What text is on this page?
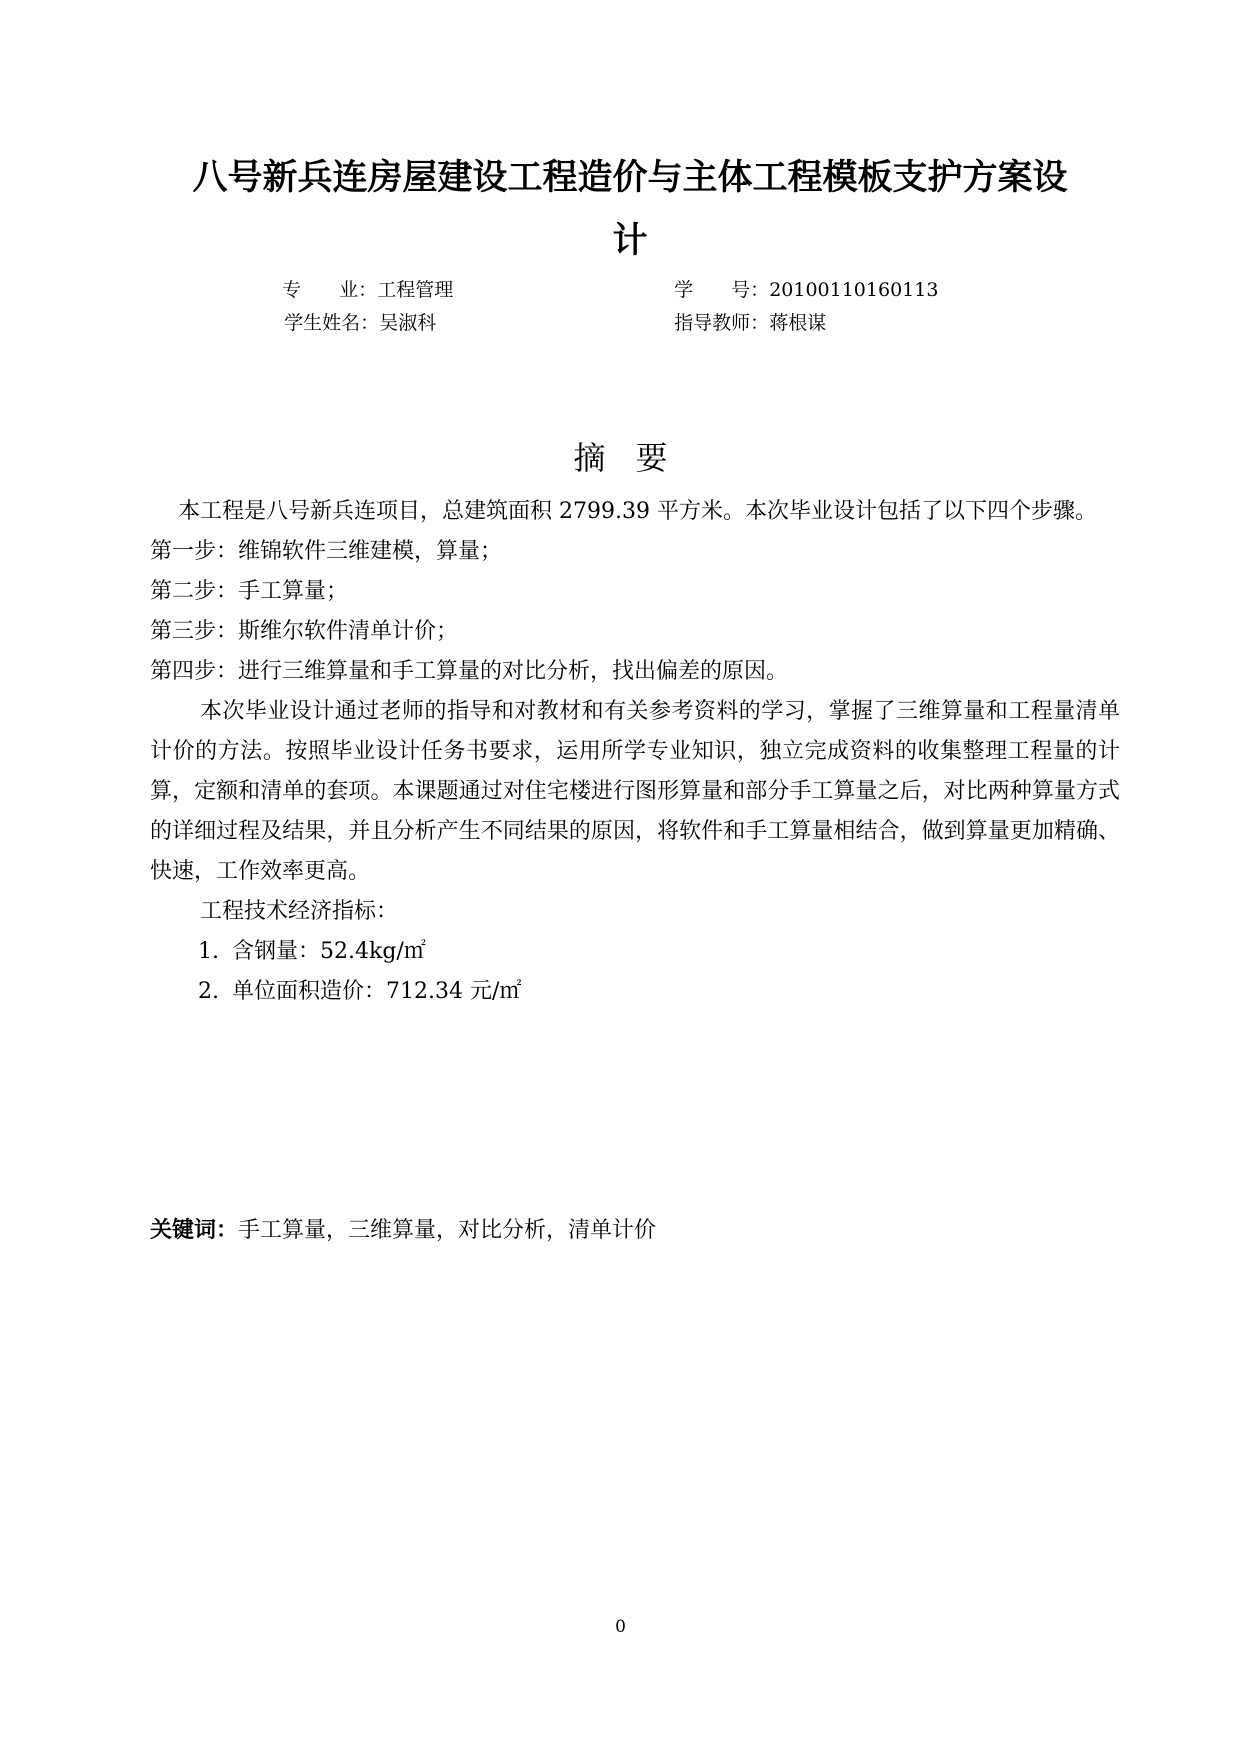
八号新兵连房屋建设工程造价与主体工程模板支护方案设
计

专　　业：工程管理
	学　　号：20100110160113

学生姓名：吴淑科
	指导教师：蒋根谋

摘要

本工程是八号新兵连项目，总建筑面积 2799.39 平方米。本次毕业设计包括了以下四个步骤。

第一步：维锦软件三维建模，算量；

第二步：手工算量；

第三步：斯维尔软件清单计价；

第四步：进行三维算量和手工算量的对比分析，找出偏差的原因。

本次毕业设计通过老师的指导和对教材和有关参考资料的学习，掌握了三维算量和工程量清单计价的方法。按照毕业设计任务书要求，运用所学专业知识，独立完成资料的收集整理工程量的计算，定额和清单的套项。本课题通过对住宅楼进行图形算量和部分手工算量之后，对比两种算量方式的详细过程及结果，并且分析产生不同结果的原因，将软件和手工算量相结合，做到算量更加精确、快速，工作效率更高。

工程技术经济指标：

1. 含钢量：52.4kg/㎡

2. 单位面积造价：712.34 元/㎡

关键词：手工算量，三维算量，对比分析，清单计价
0
